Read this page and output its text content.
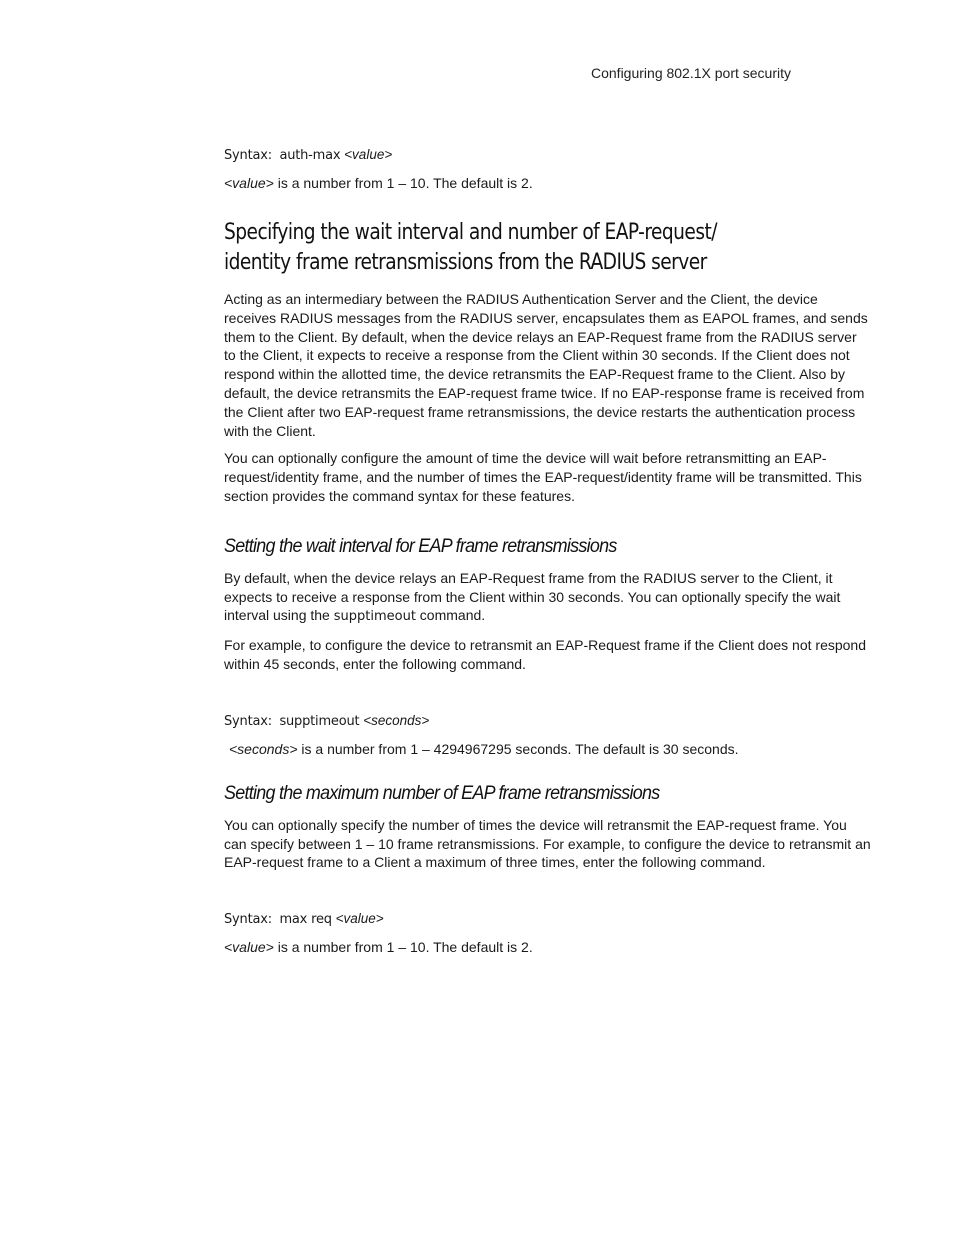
Configuring 802.1X port security

Syntax: auth-max <value>

<value> is a number from 1 – 10. The default is 2.

Specifying the wait interval and number of EAP-request/
identity frame retransmissions from the RADIUS server

Acting as an intermediary between the RADIUS Authentication Server and the Client, the device receives RADIUS messages from the RADIUS server, encapsulates them as EAPOL frames, and sends them to the Client. By default, when the device relays an EAP-Request frame from the RADIUS server to the Client, it expects to receive a response from the Client within 30 seconds. If the Client does not respond within the allotted time, the device retransmits the EAP-Request frame to the Client. Also by default, the device retransmits the EAP-request frame twice. If no EAP-response frame is received from the Client after two EAP-request frame retransmissions, the device restarts the authentication process with the Client.

You can optionally configure the amount of time the device will wait before retransmitting an EAP-request/identity frame, and the number of times the EAP-request/identity frame will be transmitted. This section provides the command syntax for these features.

Setting the wait interval for EAP frame retransmissions

By default, when the device relays an EAP-Request frame from the RADIUS server to the Client, it expects to receive a response from the Client within 30 seconds. You can optionally specify the wait interval using the supptimeout command.

For example, to configure the device to retransmit an EAP-Request frame if the Client does not respond within 45 seconds, enter the following command.

Syntax: supptimeout <seconds>

<seconds> is a number from 1 – 4294967295 seconds. The default is 30 seconds.

Setting the maximum number of EAP frame retransmissions

You can optionally specify the number of times the device will retransmit the EAP-request frame. You can specify between 1 – 10 frame retransmissions. For example, to configure the device to retransmit an EAP-request frame to a Client a maximum of three times, enter the following command.

Syntax: max req <value>

<value> is a number from 1 – 10. The default is 2.
